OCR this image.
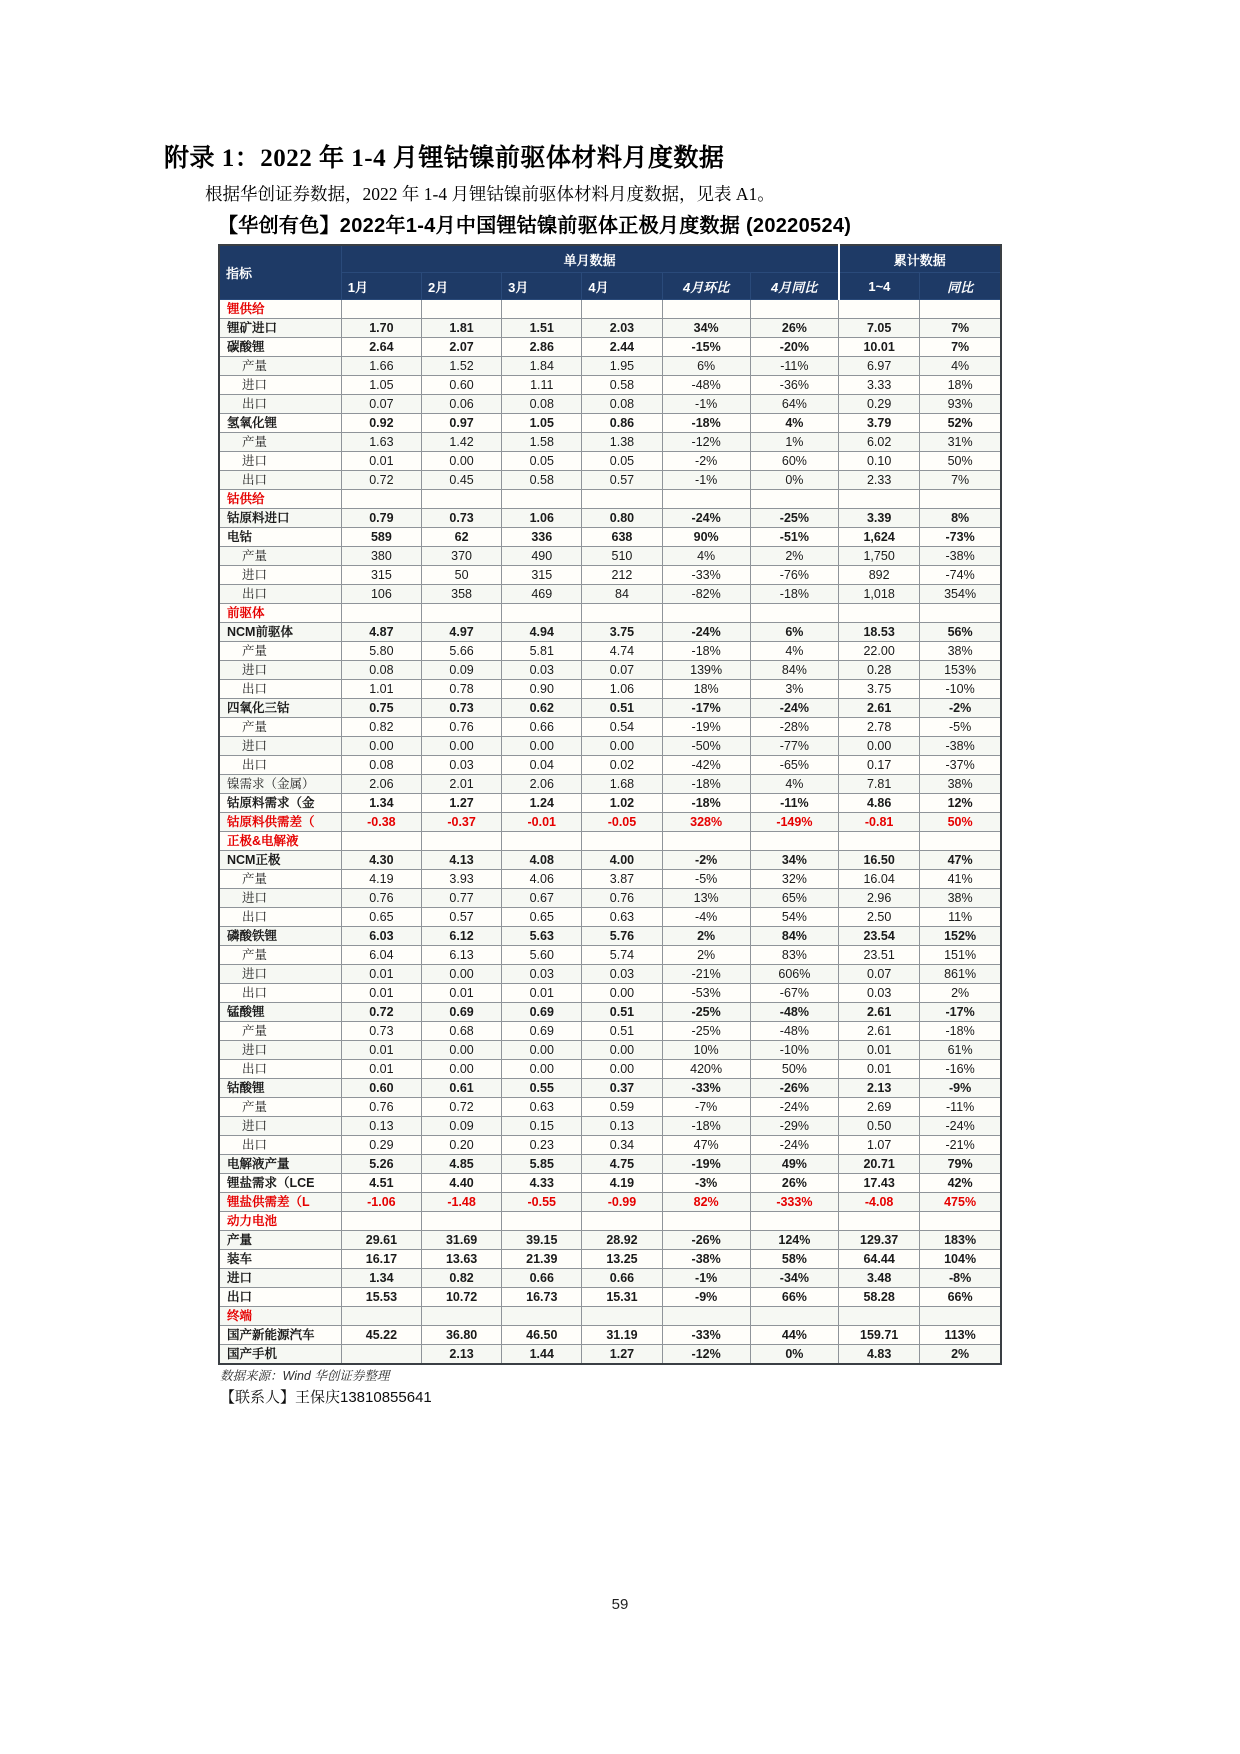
附录 1：2022 年 1-4 月锂钴镍前驱体材料月度数据
根据华创证券数据，2022 年 1-4 月锂钴镍前驱体材料月度数据，见表 A1。
【华创有色】2022年1-4月中国锂钴镍前驱体正极月度数据 (20220524)
指标	单月数据						累计数据	
	1月	2月	3月	4月	4月环比	4月同比	1~4	同比
锂供给								
锂矿进口	1.70	1.81	1.51	2.03	34%	26%	7.05	7%
碳酸锂	2.64	2.07	2.86	2.44	-15%	-20%	10.01	7%
产量	1.66	1.52	1.84	1.95	6%	-11%	6.97	4%
进口	1.05	0.60	1.11	0.58	-48%	-36%	3.33	18%
出口	0.07	0.06	0.08	0.08	-1%	64%	0.29	93%
氢氧化锂	0.92	0.97	1.05	0.86	-18%	4%	3.79	52%
产量	1.63	1.42	1.58	1.38	-12%	1%	6.02	31%
进口	0.01	0.00	0.05	0.05	-2%	60%	0.10	50%
出口	0.72	0.45	0.58	0.57	-1%	0%	2.33	7%
钴供给								
钴原料进口	0.79	0.73	1.06	0.80	-24%	-25%	3.39	8%
电钴	589	62	336	638	90%	-51%	1,624	-73%
产量	380	370	490	510	4%	2%	1,750	-38%
进口	315	50	315	212	-33%	-76%	892	-74%
出口	106	358	469	84	-82%	-18%	1,018	354%
前驱体								
NCM前驱体	4.87	4.97	4.94	3.75	-24%	6%	18.53	56%
产量	5.80	5.66	5.81	4.74	-18%	4%	22.00	38%
进口	0.08	0.09	0.03	0.07	139%	84%	0.28	153%
出口	1.01	0.78	0.90	1.06	18%	3%	3.75	-10%
四氧化三钴	0.75	0.73	0.62	0.51	-17%	-24%	2.61	-2%
产量	0.82	0.76	0.66	0.54	-19%	-28%	2.78	-5%
进口	0.00	0.00	0.00	0.00	-50%	-77%	0.00	-38%
出口	0.08	0.03	0.04	0.02	-42%	-65%	0.17	-37%
镍需求（金属）	2.06	2.01	2.06	1.68	-18%	4%	7.81	38%
钴原料需求（金	1.34	1.27	1.24	1.02	-18%	-11%	4.86	12%
钴原料供需差（	-0.38	-0.37	-0.01	-0.05	328%	-149%	-0.81	50%
正极&电解液								
NCM正极	4.30	4.13	4.08	4.00	-2%	34%	16.50	47%
产量	4.19	3.93	4.06	3.87	-5%	32%	16.04	41%
进口	0.76	0.77	0.67	0.76	13%	65%	2.96	38%
出口	0.65	0.57	0.65	0.63	-4%	54%	2.50	11%
磷酸铁锂	6.03	6.12	5.63	5.76	2%	84%	23.54	152%
产量	6.04	6.13	5.60	5.74	2%	83%	23.51	151%
进口	0.01	0.00	0.03	0.03	-21%	606%	0.07	861%
出口	0.01	0.01	0.01	0.00	-53%	-67%	0.03	2%
锰酸锂	0.72	0.69	0.69	0.51	-25%	-48%	2.61	-17%
产量	0.73	0.68	0.69	0.51	-25%	-48%	2.61	-18%
进口	0.01	0.00	0.00	0.00	10%	-10%	0.01	61%
出口	0.01	0.00	0.00	0.00	420%	50%	0.01	-16%
钴酸锂	0.60	0.61	0.55	0.37	-33%	-26%	2.13	-9%
产量	0.76	0.72	0.63	0.59	-7%	-24%	2.69	-11%
进口	0.13	0.09	0.15	0.13	-18%	-29%	0.50	-24%
出口	0.29	0.20	0.23	0.34	47%	-24%	1.07	-21%
电解液产量	5.26	4.85	5.85	4.75	-19%	49%	20.71	79%
锂盐需求（LCE	4.51	4.40	4.33	4.19	-3%	26%	17.43	42%
锂盐供需差（L	-1.06	-1.48	-0.55	-0.99	82%	-333%	-4.08	475%
动力电池								
产量	29.61	31.69	39.15	28.92	-26%	124%	129.37	183%
装车	16.17	13.63	21.39	13.25	-38%	58%	64.44	104%
进口	1.34	0.82	0.66	0.66	-1%	-34%	3.48	-8%
出口	15.53	10.72	16.73	15.31	-9%	66%	58.28	66%
终端								
国产新能源汽车	45.22	36.80	46.50	31.19	-33%	44%	159.71	113%
国产手机		2.13	1.44	1.27	-12%	0%	4.83	2%
数据来源：Wind 华创证券整理
【联系人】王保庆13810855641
59
